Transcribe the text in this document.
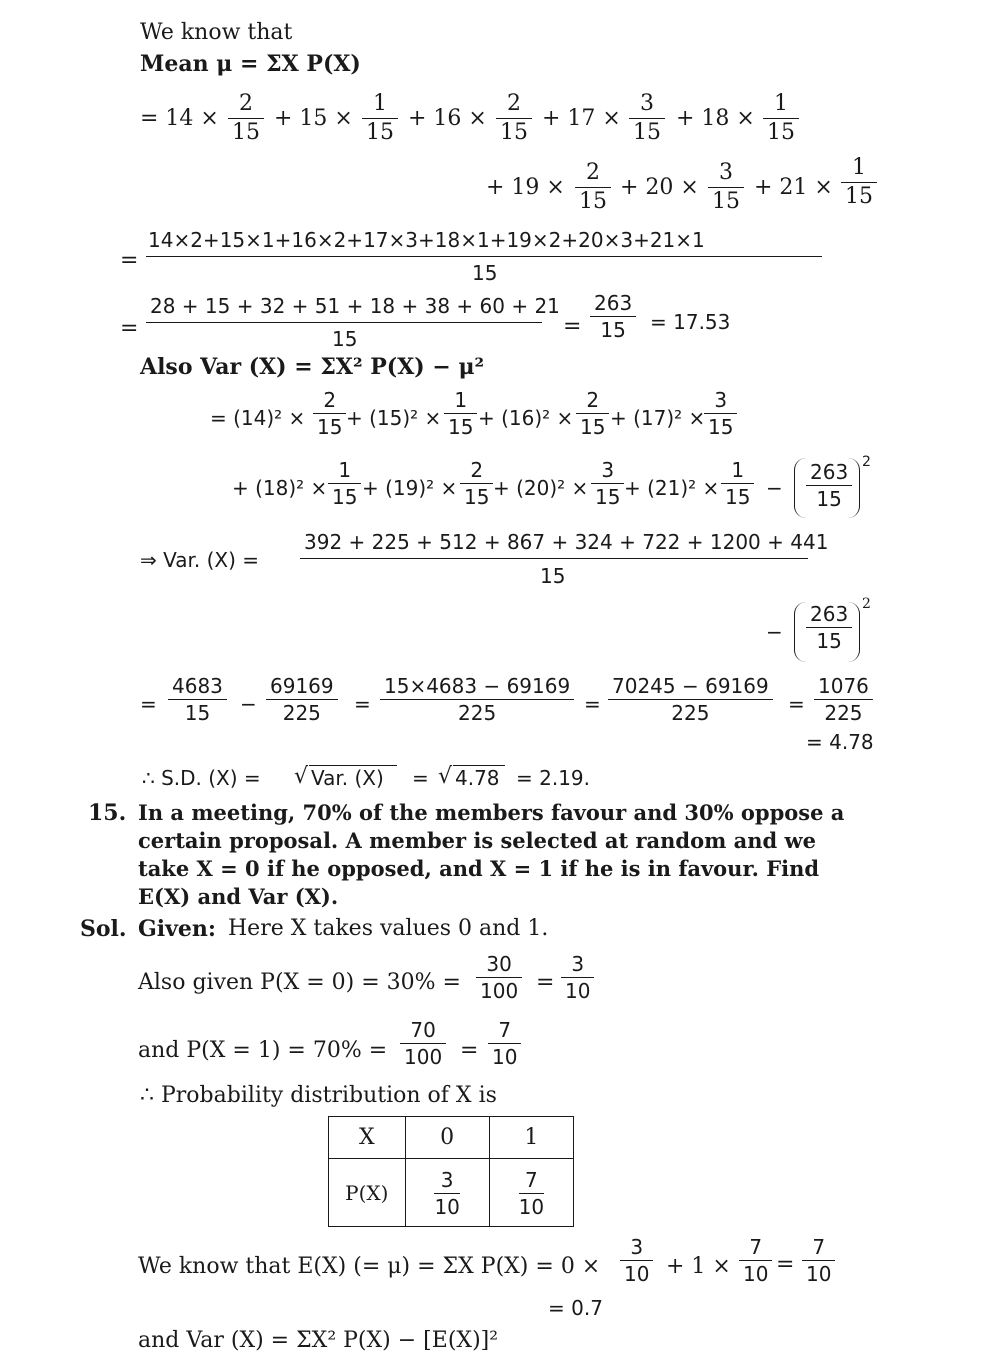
We know that
Mean μ = ΣX P(X)
= $14 \times \frac{2}{15} + 15 \times \frac{1}{15} + 16 \times \frac{2}{15} + 17 \times \frac{3}{15} + 18 \times \frac{1}{15}$
+ $19 \times \frac{2}{15} + 20 \times \frac{3}{15} + 21 \times \frac{1}{15}$
=
14×2+15×1+16×2+17×3+18×1+19×2+20×3+21×1
15
=
28 + 15 + 32 + 51 + 18 + 38 + 60 + 21
15	= $\frac{263}{15} = 17.53$
Also Var (X) = ΣX² P(X) − μ²
= $(14)^2 \times \frac{2}{15} + (15)^2 \times \frac{1}{15} + (16)^2 \times \frac{2}{15} + (17)^2 \times \frac{3}{15}$
+ $(18)^2 \times \frac{1}{15} + (19)^2 \times \frac{2}{15} + (20)^2 \times \frac{3}{15} + (21)^2 \times \frac{1}{15} - \frac{263}{15} 2$
⇒ Var. (X) =
392 + 225 + 512 + 867 + 324 + 722 + 1200 + 441
15
− $\frac{263}{15} 2$
= $\frac{4683}{15} - \frac{69169}{225} = \frac{15\times 4683 - 69169}{225} = \frac{70245 - 69169}{225} = \frac{1076}{225}$
= 4.78
∴ S.D. (X) = √ Var. (X) = √ 4.78 = 2.19.
15. In a meeting, 70% of the members favour and 30% oppose a
certain proposal. A member is selected at random and we
take X = 0 if he opposed, and X = 1 if he is in favour. Find
E(X) and Var (X).
Sol. Given: Here X takes values 0 and 1.
Also given $P(X = 0) = 30\% = \frac{30}{100} = \frac{3}{10}$
and $P(X = 1) = 70\% = \frac{70}{100} = \frac{7}{10}$
∴ Probability distribution of X is
X	0	1
P(X)	$\frac{3}{10}$	$\frac{7}{10}$
We know that E(X) (= μ) = ΣX $P(X) = 0 \times \frac{3}{10} + 1 \times \frac{7}{10} = \frac{7}{10}$
= 0.7
and Var (X) = ΣX² P(X) − [E(X)]²
